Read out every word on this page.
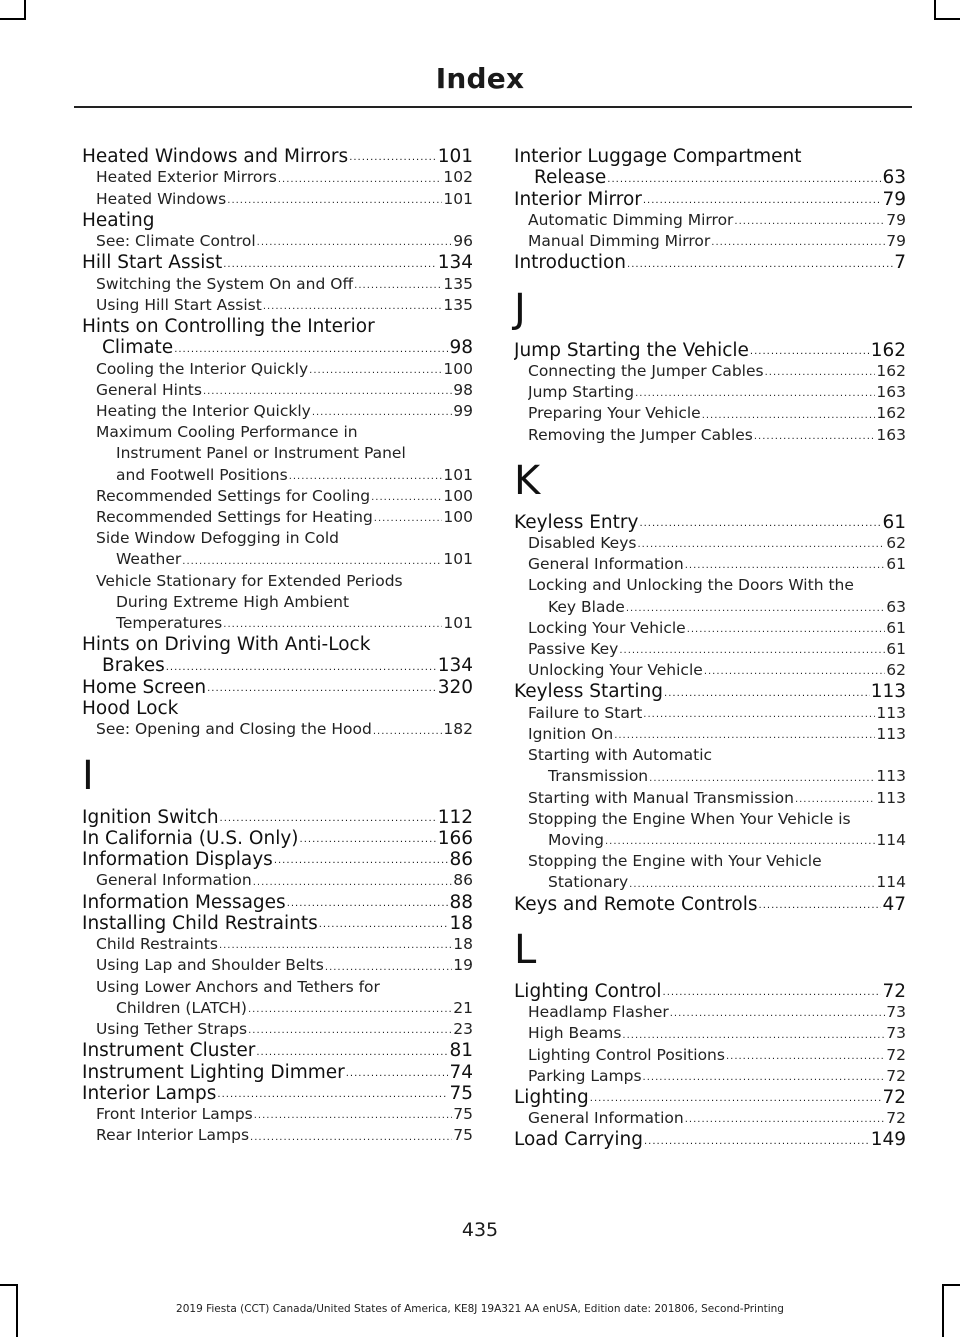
Index
Heated Windows and Mirrors .....	101
Heated Exterior Mirrors .....	102
Heated Windows .....	101
Heating
See: Climate Control .....	96
Hill Start Assist .....	134
Switching the System On and Off .....	135
Using Hill Start Assist .....	135
Hints on Controlling the Interior
Climate .....	98
Cooling the Interior Quickly .....	100
General Hints .....	98
Heating the Interior Quickly .....	99
Maximum Cooling Performance in
Instrument Panel or Instrument Panel
and Footwell Positions .....	101
Recommended Settings for Cooling .....	100
Recommended Settings for Heating .....	100
Side Window Defogging in Cold
Weather .....	101
Vehicle Stationary for Extended Periods
During Extreme High Ambient
Temperatures .....	101
Hints on Driving With Anti-Lock
Brakes .....	134
Home Screen .....	320
Hood Lock
See: Opening and Closing the Hood .....	182
I
Ignition Switch .....	112
In California (U.S. Only) .....	166
Information Displays .....	86
General Information .....	86
Information Messages .....	88
Installing Child Restraints .....	18
Child Restraints .....	18
Using Lap and Shoulder Belts .....	19
Using Lower Anchors and Tethers for
Children (LATCH) .....	21
Using Tether Straps .....	23
Instrument Cluster .....	81
Instrument Lighting Dimmer .....	74
Interior Lamps .....	75
Front Interior Lamps .....	75
Rear Interior Lamps .....	75
Interior Luggage Compartment
Release .....	63
Interior Mirror .....	79
Automatic Dimming Mirror .....	79
Manual Dimming Mirror .....	79
Introduction .....	7
J
Jump Starting the Vehicle .....	162
Connecting the Jumper Cables .....	162
Jump Starting .....	163
Preparing Your Vehicle .....	162
Removing the Jumper Cables .....	163
K
Keyless Entry .....	61
Disabled Keys .....	62
General Information .....	61
Locking and Unlocking the Doors With the
Key Blade .....	63
Locking Your Vehicle .....	61
Passive Key .....	61
Unlocking Your Vehicle .....	62
Keyless Starting .....	113
Failure to Start .....	113
Ignition On .....	113
Starting with Automatic
Transmission .....	113
Starting with Manual Transmission .....	113
Stopping the Engine When Your Vehicle is
Moving .....	114
Stopping the Engine with Your Vehicle
Stationary .....	114
Keys and Remote Controls .....	47
L
Lighting Control .....	72
Headlamp Flasher .....	73
High Beams .....	73
Lighting Control Positions .....	72
Parking Lamps .....	72
Lighting .....	72
General Information .....	72
Load Carrying .....	149
435
2019 Fiesta (CCT) Canada/United States of America, KE8J 19A321 AA enUSA, Edition date: 201806, Second-Printing
